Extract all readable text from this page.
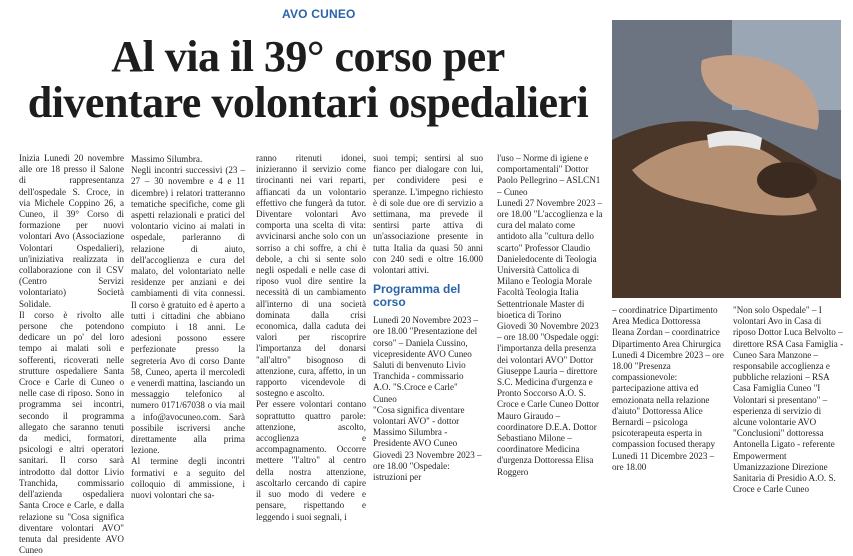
AVO CUNEO
Al via il 39° corso per
diventare volontari ospedalieri

Inizia Lunedì 20 novembre alle ore 18 presso il Salone di rappresentanza dell'ospedale S. Croce, in via Michele Coppino 26, a Cuneo, il 39° Corso di formazione per nuovi volontari Avo (Associazione Volontari Ospedalieri), un'iniziativa realizzata in collaborazione con il CSV (Centro Servizi volontariato) Società Solidale.

Il corso è rivolto alle persone che potendono dedicare un po' del loro tempo ai malati soli e sofferenti, ricoverati nelle strutture ospedaliere Santa Croce e Carle di Cuneo o nelle case di riposo. Sono in programma sei incontri, secondo il programma allegato che saranno tenuti da medici, formatori, psicologi e altri operatori sanitari. Il corso sarà introdotto dal dottor Livio Tranchida, commissario dell'azienda ospedaliera Santa Croce e Carle, e dalla relazione su "Cosa significa diventare volontari AVO" tenuta dal presidente AVO Cuneo

Massimo Silumbra.

Negli incontri successivi (23 – 27 – 30 novembre e 4 e 11 dicembre) i relatori tratteranno tematiche specifiche, come gli aspetti relazionali e pratici del volontario vicino ai malati in ospedale, parleranno di relazione di aiuto, dell'accoglienza e cura del malato, del volontariato nelle residenze per anziani e dei cambiamenti di vita connessi. Il corso è gratuito ed è aperto a tutti i cittadini che abbiano compiuto i 18 anni. Le adesioni possono essere perfezionate presso la segreteria Avo di corso Dante 58, Cuneo, aperta il mercoledì e venerdì mattina, lasciando un messaggio telefonico al numero 0171/67038 o via mail a info@avocuneo.com. Sarà possibile iscriversi anche direttamente alla prima lezione.

Al termine degli incontri formativi e a seguito del colloquio di ammissione, i nuovi volontari che sa-

ranno ritenuti idonei, inizieranno il servizio come tirocinanti nei vari reparti, affiancati da un volontario effettivo che fungerà da tutor. Diventare volontari Avo comporta una scelta di vita: avvicinarsi anche solo con un sorriso a chi soffre, a chi è debole, a chi si sente solo negli ospedali e nelle case di riposo vuol dire sentire la necessità di un cambiamento all'interno di una società dominata dalla crisi economica, dalla caduta dei valori per riscoprire l'importanza del donarsi "all'altro" bisognoso di attenzione, cura, affetto, in un rapporto vicendevole di sostegno e ascolto.

Per essere volontari contano soprattutto quattro parole: attenzione, ascolto, accoglienza e accompagnamento. Occorre mettere "l'altro" al centro della nostra attenzione, ascoltarlo cercando di capire il suo modo di vedere e pensare, rispettando e leggendo i suoi segnali, i

suoi tempi; sentirsi al suo fianco per dialogare con lui, per condividere pesi e speranze. L'impegno richiesto è di sole due ore di servizio a settimana, ma prevede il sentirsi parte attiva di un'associazione presente in tutta Italia da quasi 50 anni con 240 sedi e oltre 16.000 volontari attivi.

Programma del corso

Lunedì 20 Novembre 2023 – ore 18.00 "Presentazione del corso" – Daniela Cussino, vicepresidente AVO Cuneo Saluti di benvenuto Livio Tranchida - commissario A.O. "S.Croce e Carle" Cuneo

"Cosa significa diventare volontari AVO" - dottor Massimo Silumbra - Presidente AVO Cuneo

Giovedì 23 Novembre 2023 – ore 18.00 "Ospedale: istruzioni per

l'uso – Norme di igiene e comportamentali" Dottor Paolo Pellegrino – ASLCN1 – Cuneo

Lunedì 27 Novembre 2023 – ore 18.00 "L'accoglienza e la cura del malato come antidoto alla "cultura dello scarto" Professor Claudio Danieledocente di Teologia Università Cattolica di Milano e Teologia Morale Facoltà Teologia Italia Settentrionale Master di bioetica di Torino

Giovedì 30 Novembre 2023 – ore 18.00 "Ospedale oggi: l'importanza della presenza dei volontari AVO" Dottor Giuseppe Lauria – direttore S.C. Medicina d'urgenza e Pronto Soccorso A.O. S. Croce e Carle Cuneo Dottor Mauro Giraudo – coordinatore D.E.A. Dottor Sebastiano Milone – coordinatore Medicina d'urgenza Dottoressa Elisa Roggero

– coordinatrice Dipartimento Area Medica Dottoressa Ileana Zordan – coordinatrice Dipartimento Area Chirurgica

Lunedì 4 Dicembre 2023 – ore 18.00 "Presenza compassionevole: partecipazione attiva ed emozionata nella relazione d'aiuto" Dottoressa Alice Bernardi – psicologa psicoterapeuta esperta in compassion focused therapy

Lunedì 11 Dicembre 2023 – ore 18.00

"Non solo Ospedale" – I volontari Avo in Casa di riposo Dottor Luca Belvolto – direttore RSA Casa Famiglia - Cuneo Sara Manzone – responsabile accoglienza e pubbliche relazioni – RSA Casa Famiglia Cuneo "I Volontari si presentano" – esperienza di servizio di alcune volontarie AVO "Conclusioni" dottoressa Antonella Ligato - referente Empowerment Umanizzazione Direzione Sanitaria di Presidio A.O. S. Croce e Carle Cuneo
